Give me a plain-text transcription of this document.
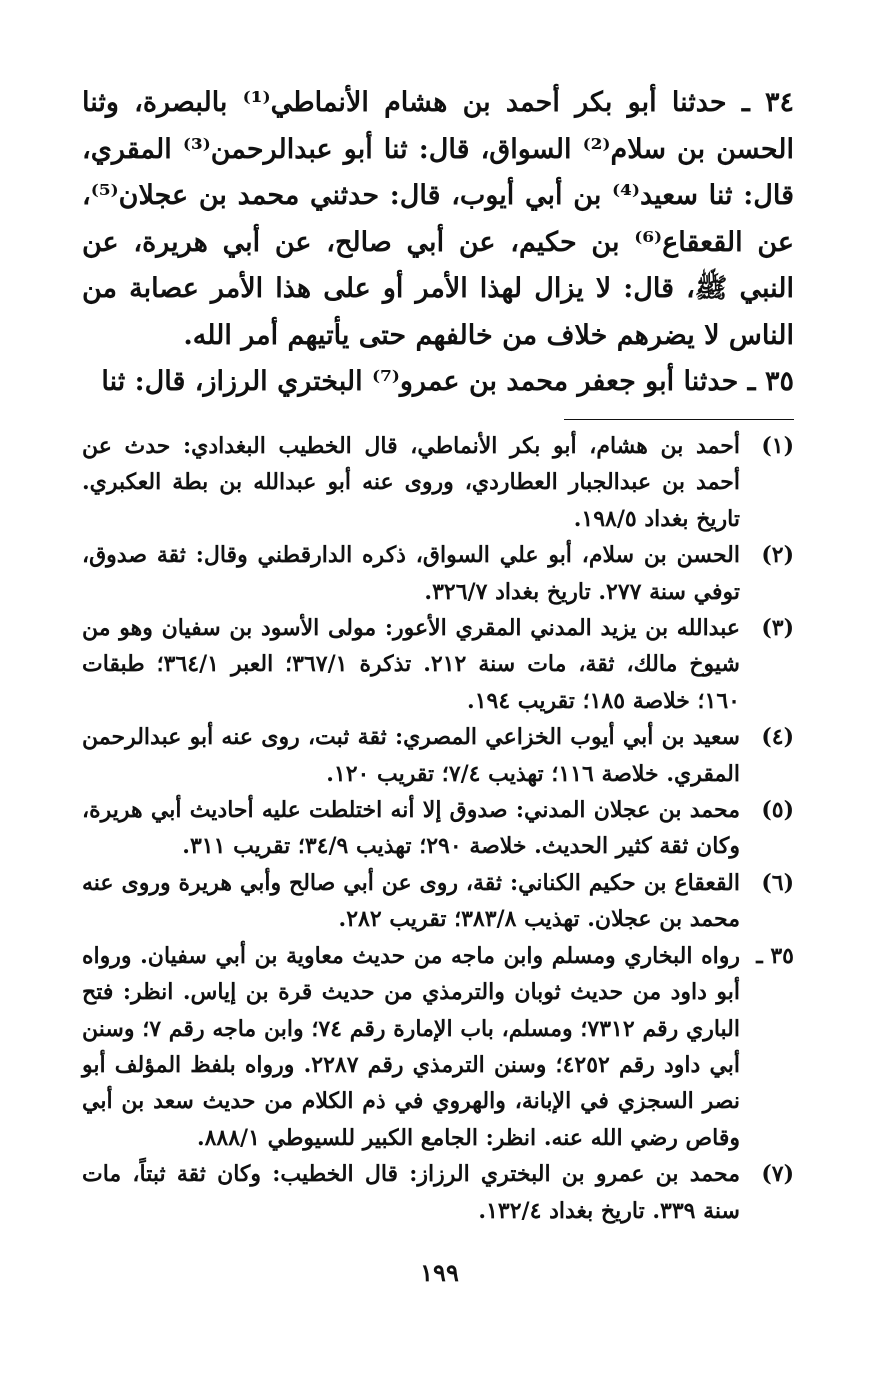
٣٤ ـ حدثنا أبو بكر أحمد بن هشام الأنماطي⁽¹⁾ بالبصرة، وثنا الحسن بن سلام⁽²⁾ السواق، قال: ثنا أبو عبدالرحمن⁽³⁾ المقري، قال: ثنا سعيد⁽⁴⁾ بن أبي أيوب، قال: حدثني محمد بن عجلان⁽⁵⁾، عن القعقاع⁽⁶⁾ بن حكيم، عن أبي صالح، عن أبي هريرة، عن النبي ﷺ، قال: لا يزال لهذا الأمر أو على هذا الأمر عصابة من الناس لا يضرهم خلاف من خالفهم حتى يأتيهم أمر الله.

٣٥ ـ حدثنا أبو جعفر محمد بن عمرو⁽⁷⁾ البختري الرزاز، قال: ثنا

(١)
أحمد بن هشام، أبو بكر الأنماطي، قال الخطيب البغدادي: حدث عن أحمد بن عبدالجبار العطاردي، وروى عنه أبو عبدالله بن بطة العكبري. تاريخ بغداد ١٩٨/٥.
(٢)
الحسن بن سلام، أبو علي السواق، ذكره الدارقطني وقال: ثقة صدوق، توفي سنة ٢٧٧. تاريخ بغداد ٣٢٦/٧.
(٣)
عبدالله بن يزيد المدني المقري الأعور: مولى الأسود بن سفيان وهو من شيوخ مالك، ثقة، مات سنة ٢١٢. تذكرة ٣٦٧/١؛ العبر ٣٦٤/١؛ طبقات ١٦٠؛ خلاصة ١٨٥؛ تقريب ١٩٤.
(٤)
سعيد بن أبي أيوب الخزاعي المصري: ثقة ثبت، روى عنه أبو عبدالرحمن المقري. خلاصة ١١٦؛ تهذيب ٧/٤؛ تقريب ١٢٠.
(٥)
محمد بن عجلان المدني: صدوق إلا أنه اختلطت عليه أحاديث أبي هريرة، وكان ثقة كثير الحديث. خلاصة ٢٩٠؛ تهذيب ٣٤/٩؛ تقريب ٣١١.
(٦)
القعقاع بن حكيم الكناني: ثقة، روى عن أبي صالح وأبي هريرة وروى عنه محمد بن عجلان. تهذيب ٣٨٣/٨؛ تقريب ٢٨٢.
٣٥ ـ
رواه البخاري ومسلم وابن ماجه من حديث معاوية بن أبي سفيان. ورواه أبو داود من حديث ثوبان والترمذي من حديث قرة بن إياس. انظر: فتح الباري رقم ٧٣١٢؛ ومسلم، باب الإمارة رقم ٧٤؛ وابن ماجه رقم ٧؛ وسنن أبي داود رقم ٤٢٥٢؛ وسنن الترمذي رقم ٢٢٨٧. ورواه بلفظ المؤلف أبو نصر السجزي في الإبانة، والهروي في ذم الكلام من حديث سعد بن أبي وقاص رضي الله عنه. انظر: الجامع الكبير للسيوطي ٨٨٨/١.
(٧)
محمد بن عمرو بن البختري الرزاز: قال الخطيب: وكان ثقة ثبتاً، مات سنة ٣٣٩. تاريخ بغداد ١٣٢/٤.
١٩٩
